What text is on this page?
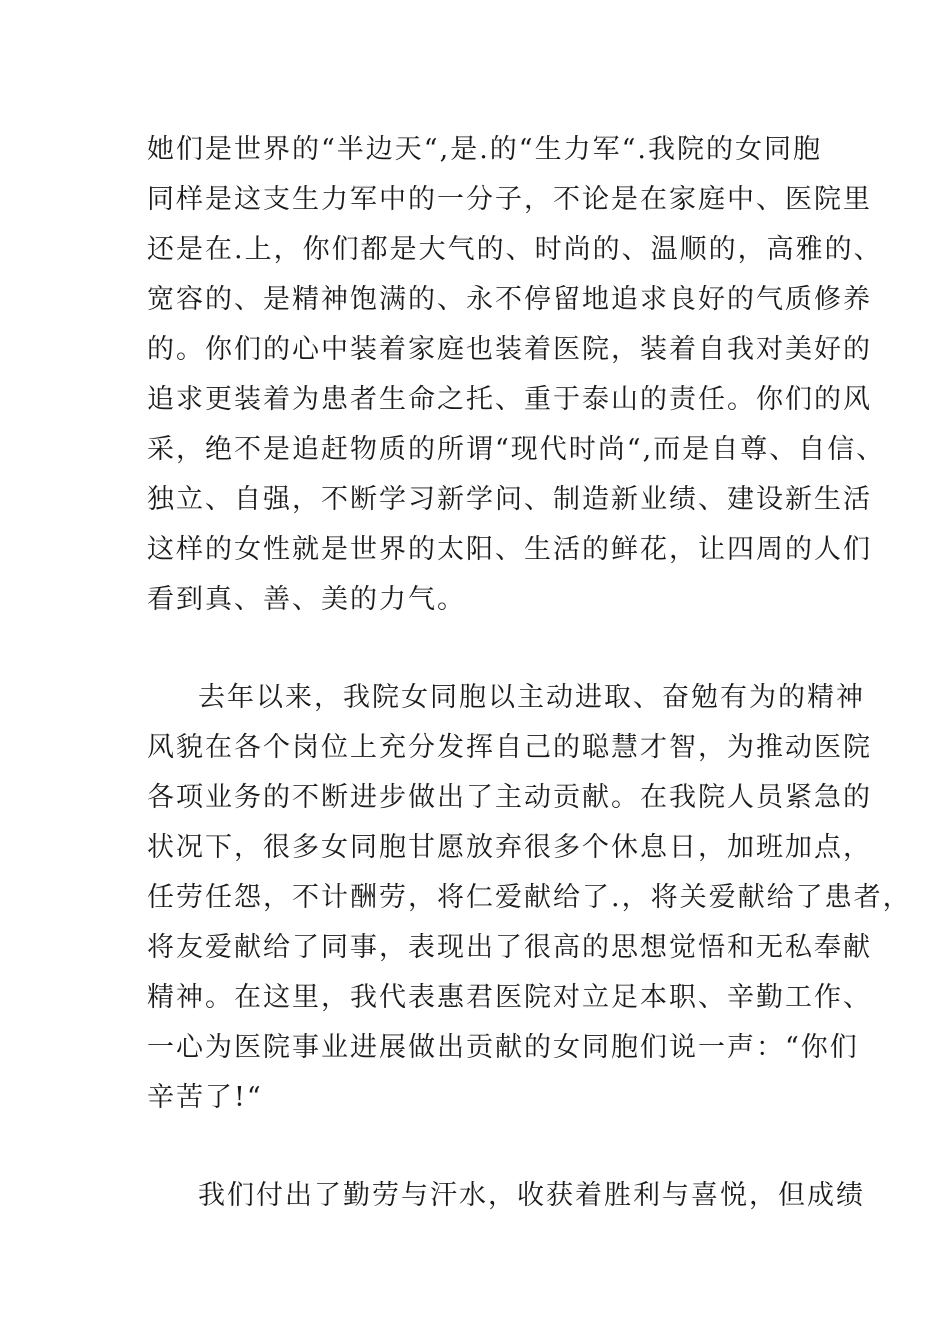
她们是世界的“半边天“,是.的“生力军“.我院的女同胞
同样是这支生力军中的一分子，不论是在家庭中、医院里
还是在.上，你们都是大气的、时尚的、温顺的，高雅的、
宽容的、是精神饱满的、永不停留地追求良好的气质修养
的。你们的心中装着家庭也装着医院，装着自我对美好的
追求更装着为患者生命之托、重于泰山的责任。你们的风
采，绝不是追赶物质的所谓“现代时尚“,而是自尊、自信、
独立、自强，不断学习新学问、制造新业绩、建设新生活
这样的女性就是世界的太阳、生活的鲜花，让四周的人们
看到真、善、美的力气。
去年以来，我院女同胞以主动进取、奋勉有为的精神
风貌在各个岗位上充分发挥自己的聪慧才智，为推动医院
各项业务的不断进步做出了主动贡献。在我院人员紧急的
状况下，很多女同胞甘愿放弃很多个休息日，加班加点，
任劳任怨，不计酬劳，将仁爱献给了.，将关爱献给了患者，
将友爱献给了同事，表现出了很高的思想觉悟和无私奉献
精神。在这里，我代表惠君医院对立足本职、辛勤工作、
一心为医院事业进展做出贡献的女同胞们说一声：“你们
辛苦了!“
我们付出了勤劳与汗水，收获着胜利与喜悦，但成绩
